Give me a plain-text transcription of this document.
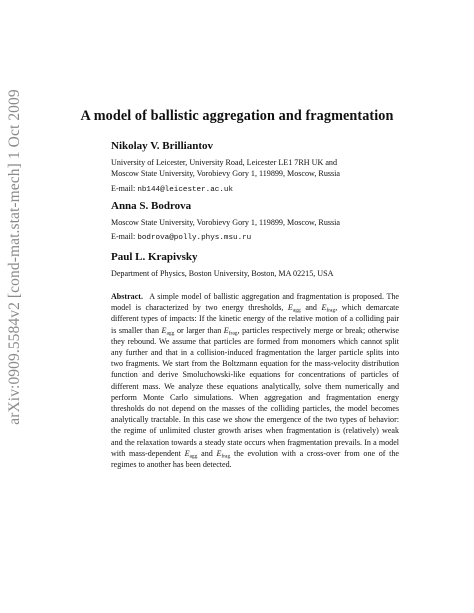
arXiv:0909.5584v2 [cond-mat.stat-mech] 1 Oct 2009	A model of ballistic aggregation and fragmentation
Nikolay V. Brilliantov
University of Leicester, University Road, Leicester LE1 7RH UK and
Moscow State University, Vorobievy Gory 1, 119899, Moscow, Russia
E-mail: nb144@leicester.ac.uk
Anna S. Bodrova
Moscow State University, Vorobievy Gory 1, 119899, Moscow, Russia
E-mail: bodrova@polly.phys.msu.ru
Paul L. Krapivsky
Department of Physics, Boston University, Boston, MA 02215, USA
Abstract. A simple model of ballistic aggregation and fragmentation is proposed. The model is characterized by two energy thresholds, $E_{agg}$ and $E_{frag}$, which demarcate different types of impacts: If the kinetic energy of the relative motion of a colliding pair is smaller than $E_{agg}$ or larger than $E_{frag}$, particles respectively merge or break; otherwise they rebound. We assume that particles are formed from monomers which cannot split any further and that in a collision-induced fragmentation the larger particle splits into two fragments. We start from the Boltzmann equation for the mass-velocity distribution function and derive Smoluchowski-like equations for concentrations of particles of different mass. We analyze these equations analytically, solve them numerically and perform Monte Carlo simulations. When aggregation and fragmentation energy thresholds do not depend on the masses of the colliding particles, the model becomes analytically tractable. In this case we show the emergence of the two types of behavior: the regime of unlimited cluster growth arises when fragmentation is (relatively) weak and the relaxation towards a steady state occurs when fragmentation prevails. In a model with mass-dependent $E_{agg}$ and $E_{frag}$ the evolution with a cross-over from one of the regimes to another has been detected.
